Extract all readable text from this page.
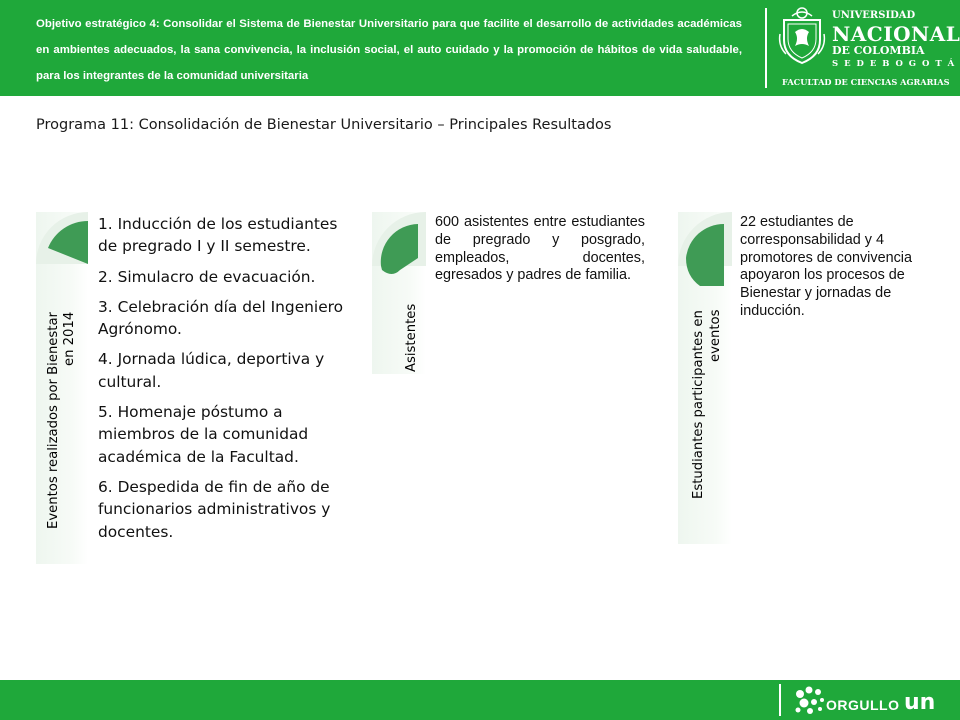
Objetivo estratégico 4: Consolidar el Sistema de Bienestar Universitario para que facilite el desarrollo de actividades académicas en ambientes adecuados, la sana convivencia, la inclusión social, el auto cuidado y la promoción de hábitos de vida saludable, para los integrantes de la comunidad universitaria
UNIVERSIDAD
NACIONAL
DE COLOMBIA
S E D E B O G O T Á
FACULTAD DE CIENCIAS AGRARIAS
Programa 11: Consolidación de Bienestar Universitario – Principales Resultados
Eventos realizados por Bienestar
en 2014
1. Inducción de los estudiantes de pregrado I y II semestre.
2. Simulacro de evacuación.
3. Celebración día del Ingeniero Agrónomo.
4. Jornada lúdica, deportiva y cultural.
5. Homenaje póstumo a miembros de la comunidad académica de la Facultad.
6. Despedida de fin de año de funcionarios administrativos y docentes.
Asistentes
600 asistentes entre estudiantes de pregrado y posgrado, empleados, docentes, egresados y padres de familia.
Estudiantes participantes en eventos
22 estudiantes de corresponsabilidad y 4 promotores de convivencia apoyaron los procesos de Bienestar y jornadas de inducción.
ORGULLO un
